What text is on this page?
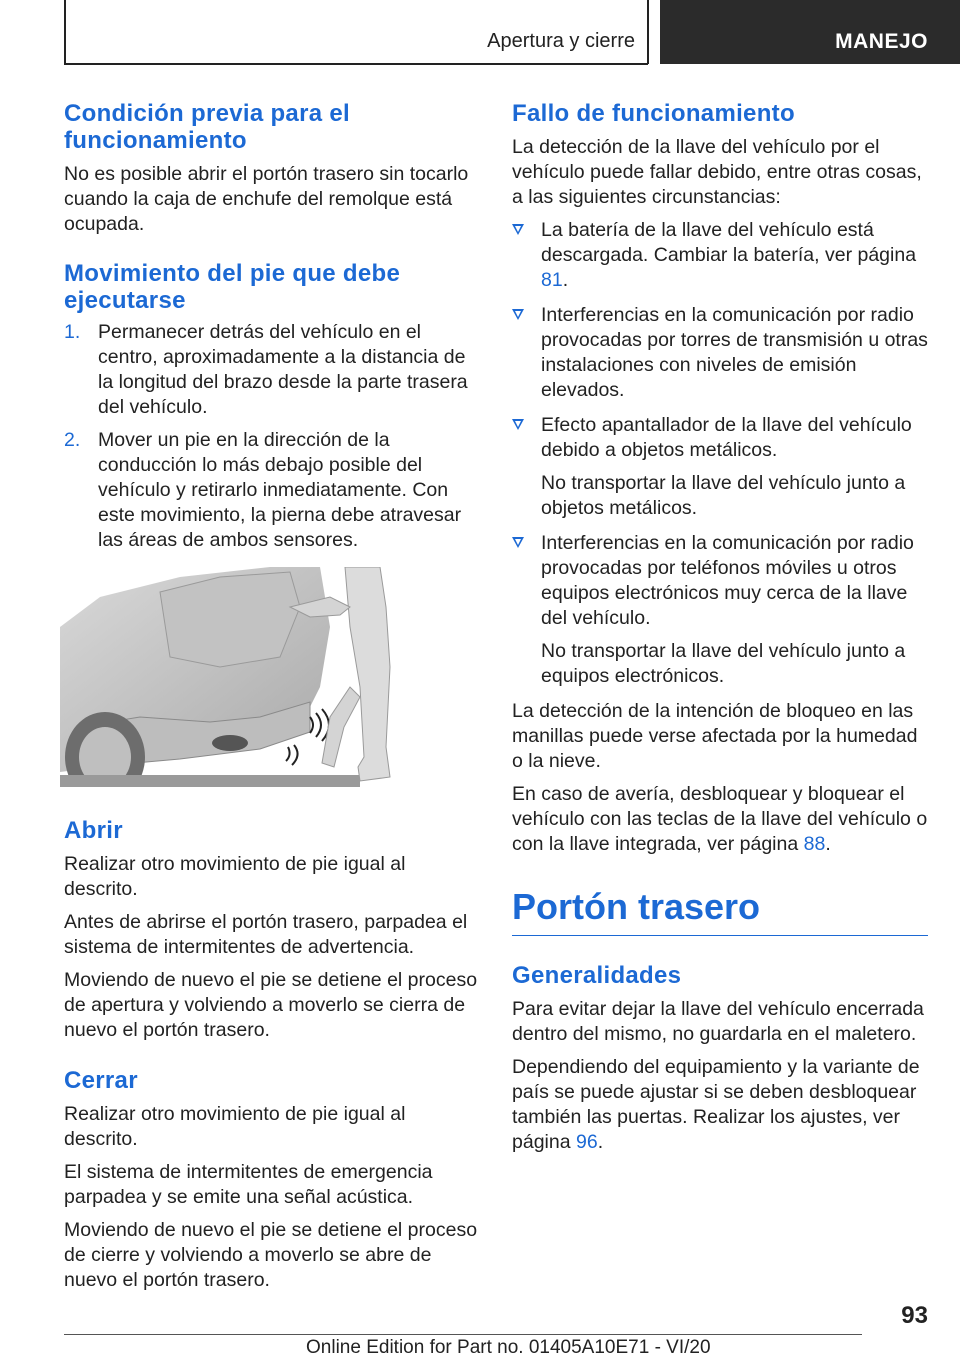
Apertura y cierre	MANEJO
Condición previa para el funcionamiento

No es posible abrir el portón trasero sin tocarlo cuando la caja de enchufe del remolque está ocupada.

Movimiento del pie que debe ejecutarse
1. Permanecer detrás del vehículo en el centro, aproximadamente a la distancia de la longitud del brazo desde la parte trasera del vehículo.
2. Mover un pie en la dirección de la conducción lo más debajo posible del vehículo y retirarlo inmediatamente. Con este movimiento, la pierna debe atravesar las áreas de ambos sensores.
Abrir

Realizar otro movimiento de pie igual al descrito.

Antes de abrirse el portón trasero, parpadea el sistema de intermitentes de advertencia.

Moviendo de nuevo el pie se detiene el proceso de apertura y volviendo a moverlo se cierra de nuevo el portón trasero.

Cerrar

Realizar otro movimiento de pie igual al descrito.

El sistema de intermitentes de emergencia parpadea y se emite una señal acústica.

Moviendo de nuevo el pie se detiene el proceso de cierre y volviendo a moverlo se abre de nuevo el portón trasero.

Fallo de funcionamiento

La detección de la llave del vehículo por el vehículo puede fallar debido, entre otras cosas, a las siguientes circunstancias:

La batería de la llave del vehículo está descargada. Cambiar la batería, ver página 81.
Interferencias en la comunicación por radio provocadas por torres de transmisión u otras instalaciones con niveles de emisión elevados.
Efecto apantallador de la llave del vehículo debido a objetos metálicos.
No transportar la llave del vehículo junto a objetos metálicos.
Interferencias en la comunicación por radio provocadas por teléfonos móviles u otros equipos electrónicos muy cerca de la llave del vehículo.
No transportar la llave del vehículo junto a equipos electrónicos.

La detección de la intención de bloqueo en las manillas puede verse afectada por la humedad o la nieve.

En caso de avería, desbloquear y bloquear el vehículo con las teclas de la llave del vehículo o con la llave integrada, ver página 88.

Portón trasero
Generalidades

Para evitar dejar la llave del vehículo encerrada dentro del mismo, no guardarla en el maletero.

Dependiendo del equipamiento y la variante de país se puede ajustar si se deben desbloquear también las puertas. Realizar los ajustes, ver página 96.

93
Online Edition for Part no. 01405A10E71 - VI/20
